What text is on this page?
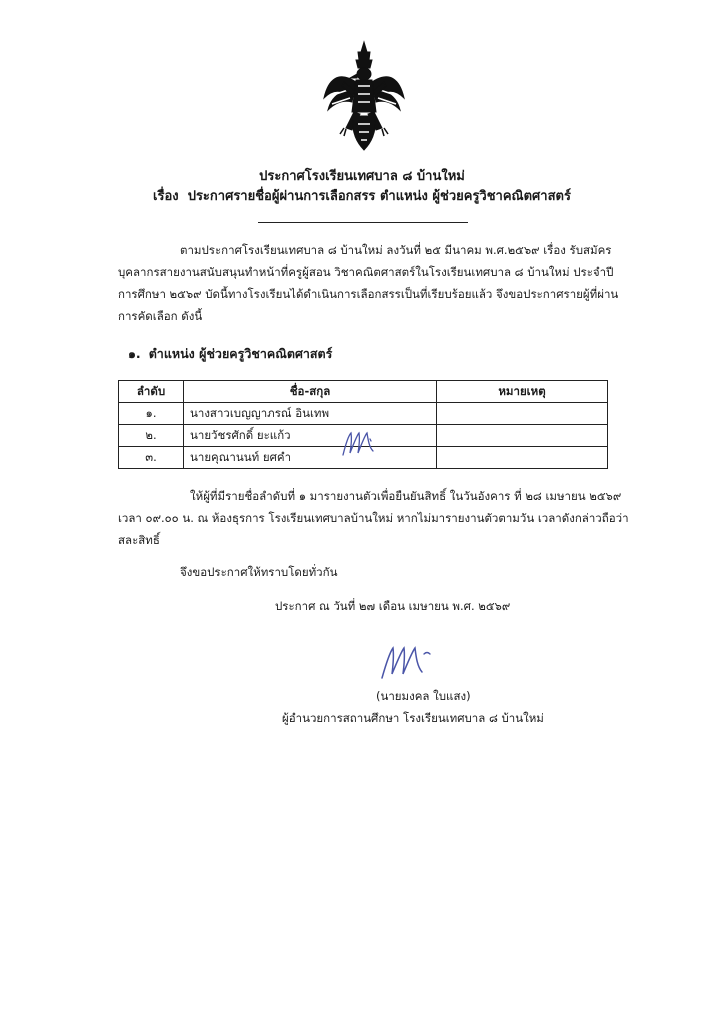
ประกาศโรงเรียนเทศบาล ๘ บ้านใหม่
เรื่อง ประกาศรายชื่อผู้ผ่านการเลือกสรร ตำแหน่ง ผู้ช่วยครูวิชาคณิตศาสตร์
ตามประกาศโรงเรียนเทศบาล ๘ บ้านใหม่ ลงวันที่ ๒๕ มีนาคม พ.ศ.๒๕๖๙ เรื่อง รับสมัคร
บุคลากรสายงานสนับสนุนทำหน้าที่ครูผู้สอน วิชาคณิตศาสตร์ในโรงเรียนเทศบาล ๘ บ้านใหม่ ประจำปี
การศึกษา ๒๕๖๙ บัดนี้ทางโรงเรียนได้ดำเนินการเลือกสรรเป็นที่เรียบร้อยแล้ว จึงขอประกาศรายผู้ที่ผ่าน
การคัดเลือก ดังนี้
๑. ตำแหน่ง ผู้ช่วยครูวิชาคณิตศาสตร์
ลำดับ	ชื่อ-สกุล	หมายเหตุ
๑.	นางสาวเบญญาภรณ์ อินเทพ	
๒.	นายวัชรศักดิ์ ยะแก้ว	
๓.	นายคุณานนท์ ยศคำ	
ให้ผู้ที่มีรายชื่อลำดับที่ ๑ มารายงานตัวเพื่อยืนยันสิทธิ์ ในวันอังคาร ที่ ๒๘ เมษายน ๒๕๖๙
เวลา ๐๙.๐๐ น. ณ ห้องธุรการ โรงเรียนเทศบาลบ้านใหม่ หากไม่มารายงานตัวตามวัน เวลาดังกล่าวถือว่า
สละสิทธิ์
จึงขอประกาศให้ทราบโดยทั่วกัน
ประกาศ ณ วันที่ ๒๗ เดือน เมษายน พ.ศ. ๒๕๖๙
(นายมงคล ใบแสง)
ผู้อำนวยการสถานศึกษา โรงเรียนเทศบาล ๘ บ้านใหม่
